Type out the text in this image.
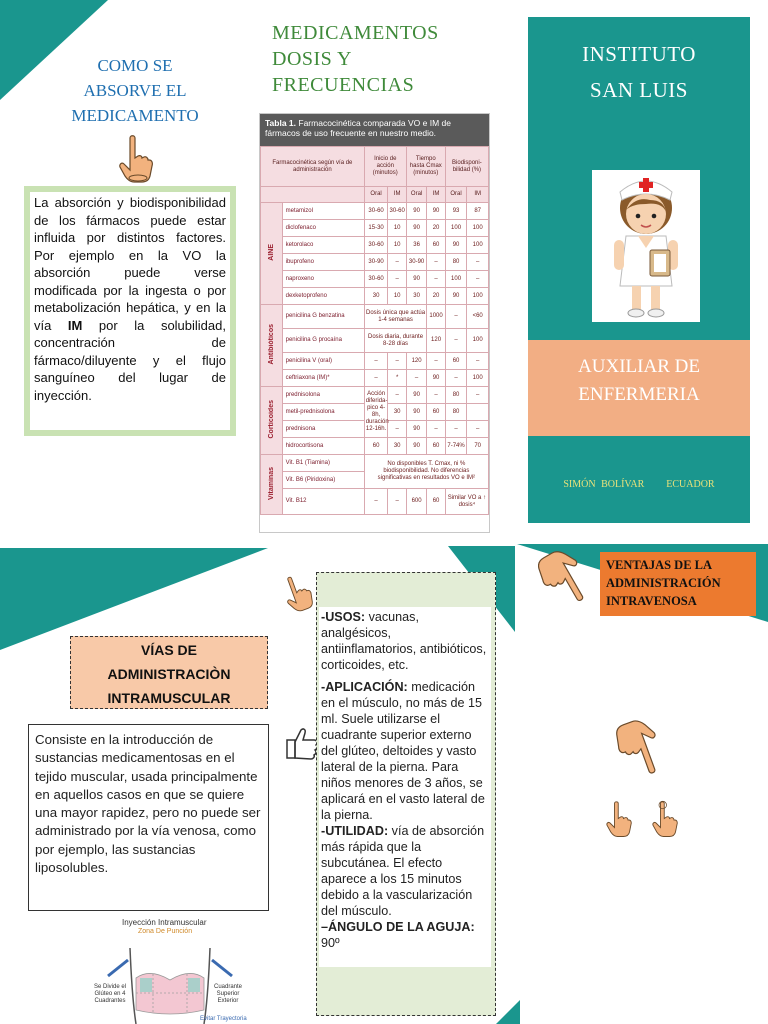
MEDICAMENTOS
DOSIS Y
FRECUENCIAS
COMO SE
ABSORVE EL
MEDICAMENTO
La absorción y biodisponibilidad de los fármacos puede estar influida por distintos factores. Por ejemplo en la VO la absorción puede verse modificada por la ingesta o por metabolización hepática, y en la vía IM por la solubilidad, concentración de fármaco/diluyente y el flujo sanguíneo del lugar de inyección.
Tabla 1. Farmacocinética comparada VO e IM de fármacos de uso frecuente en nuestro medio.
Farmacocinética según vía de administración		Inicio de acción (minutos)		Tiempo hasta Cmax (minutos)		Biodisponi-bilidad (%)	
		Oral	IM	Oral	IM	Oral	IM
AINE	metamizol	30-60	30-60	90	90	93	87
	diclofenaco	15-30	10	90	20	100	100
	ketorolaco	30-60	10	36	60	90	100
	ibuprofeno	30-90	–	30-90	–	80	–
	naproxeno	30-60	–	90	–	100	–
	dexketoprofeno	30	10	30	20	90	100
Antibióticos	penicilina G benzatina	Dosis única que actúa 1-4 semanas			1000	–	<60
	penicilina G procaína	Dosis diaria, durante 8-28 días			120	–	100
	penicilina V (oral)	–	–	120	–	60	–
	ceftriaxona (IM)*	–	*	–	90	–	100
Corticoides	prednisolona	Acción diferida-pico 4-8h, duración 12-16h.	–	90	–	80	–
	metil-prednisolona		30	90	60	80	
	prednisona		–	90	–	–	–
	hidrocortisona	60	30	90	60	7-74%	70
Vitaminas	Vit. B1 (Tiamina)	No disponibles T. Cmax, ni % biodisponibilidad. No diferencias significativas en resultados VO e IM²					
	Vit. B6 (Piridoxina)						
	Vit. B12	–	–	600	60	Similar VO a ↑ dosis⁴	
INSTITUTO
SAN LUIS
AUXILIAR DE
ENFERMERIA
SIMÓN BOLÍVAR ECUADOR
VÍAS DE
ADMINISTRACIÒN
INTRAMUSCULAR
Consiste en la introducción de sustancias medicamentosas en el tejido muscular, usada principalmente en aquellos casos en que se quiere una mayor rapidez, pero no puede ser administrado por la vía venosa, como por ejemplo, las sustancias liposolubles.
Inyección Intramuscular
Zona De Punción
Se Divide el Glúteo en 4 Cuadrantes
Cuadrante Superior Exterior
Evitar Trayectoria

-USOS: vacunas, analgésicos, antiinflamatorios, antibióticos, corticoides, etc.

-APLICACIÓN: medicación en el músculo, no más de 15 ml. Suele utilizarse el cuadrante superior externo del glúteo, deltoides y vasto lateral de la pierna. Para niños menores de 3 años, se aplicará en el vasto lateral de la pierna.

-UTILIDAD: vía de absorción más rápida que la subcutánea. El efecto aparece a los 15 minutos debido a la vascularización del músculo.

–ÁNGULO DE LA AGUJA: 90º

VENTAJAS DE LA
ADMINISTRACIÓN
INTRAVENOSA
